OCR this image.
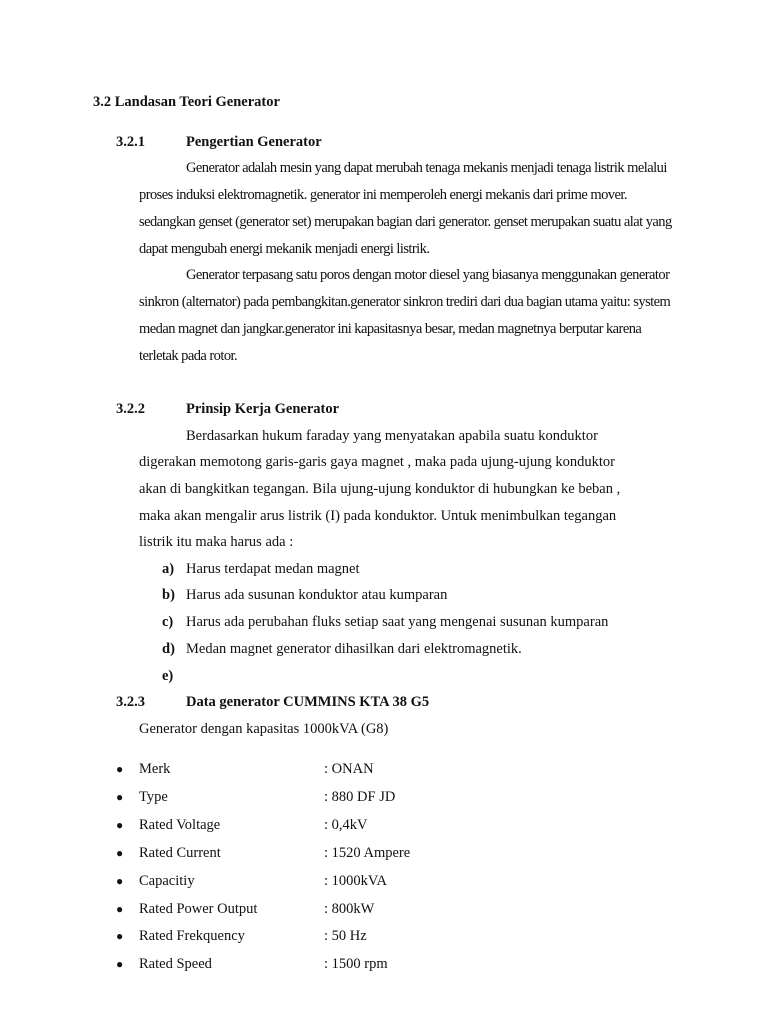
3.2 Landasan Teori Generator
3.2.1	Pengertian Generator
Generator adalah mesin yang dapat merubah tenaga mekanis menjadi tenaga listrik melalui
proses induksi elektromagnetik. generator ini memperoleh energi mekanis dari prime mover.
sedangkan genset (generator set) merupakan bagian dari generator. genset merupakan suatu alat yang
dapat mengubah energi mekanik menjadi energi listrik.
Generator terpasang satu poros dengan motor diesel yang biasanya menggunakan generator
sinkron (alternator) pada pembangkitan.generator sinkron trediri dari dua bagian utama yaitu: system
medan magnet dan jangkar.generator ini kapasitasnya besar, medan magnetnya berputar karena
terletak pada rotor.
3.2.2	Prinsip Kerja Generator
Berdasarkan hukum faraday yang menyatakan apabila suatu konduktor
digerakan memotong garis-garis gaya magnet , maka pada ujung-ujung konduktor
akan di bangkitkan tegangan. Bila ujung-ujung konduktor di hubungkan ke beban ,
maka akan mengalir arus listrik (I) pada konduktor. Untuk menimbulkan tegangan
listrik itu maka harus ada :
a) Harus terdapat medan magnet
b) Harus ada susunan konduktor atau kumparan
c) Harus ada perubahan fluks setiap saat yang mengenai susunan kumparan
d) Medan magnet generator dihasilkan dari elektromagnetik.
e)
3.2.3	Data generator CUMMINS KTA 38 G5
Generator dengan kapasitas 1000kVA (G8)
● Merk	: ONAN
● Type	: 880 DF JD
● Rated Voltage	: 0,4kV
● Rated Current	: 1520 Ampere
● Capacitiy	: 1000kVA
● Rated Power Output	: 800kW
● Rated Frekquency	: 50 Hz
● Rated Speed	: 1500 rpm
